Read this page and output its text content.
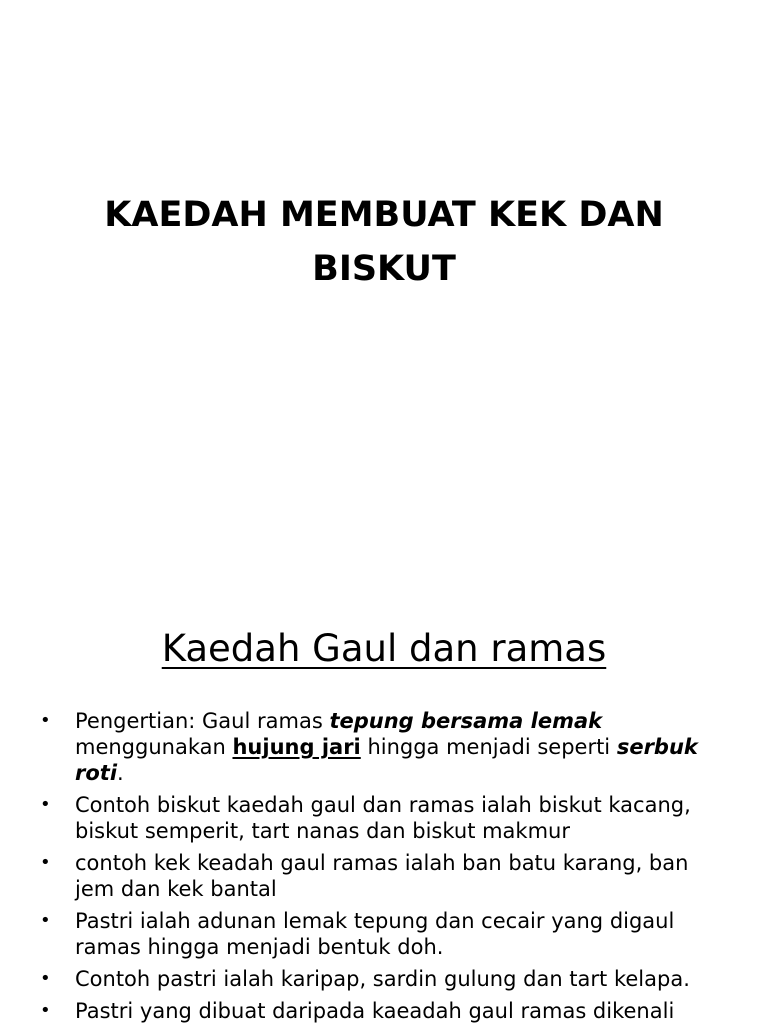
KAEDAH MEMBUAT KEK DAN BISKUT
Kaedah Gaul dan ramas
• Pengertian: Gaul ramas tepung bersama lemak menggunakan hujung jari hingga menjadi seperti serbuk roti.
• Contoh biskut kaedah gaul dan ramas ialah biskut kacang, biskut semperit, tart nanas dan biskut makmur
• contoh kek keadah gaul ramas ialah ban batu karang, ban jem dan kek bantal
• Pastri ialah adunan lemak tepung dan cecair yang digaul ramas hingga menjadi bentuk doh.
• Contoh pastri ialah karipap, sardin gulung dan tart kelapa.
• Pastri yang dibuat daripada kaeadah gaul ramas dikenali
